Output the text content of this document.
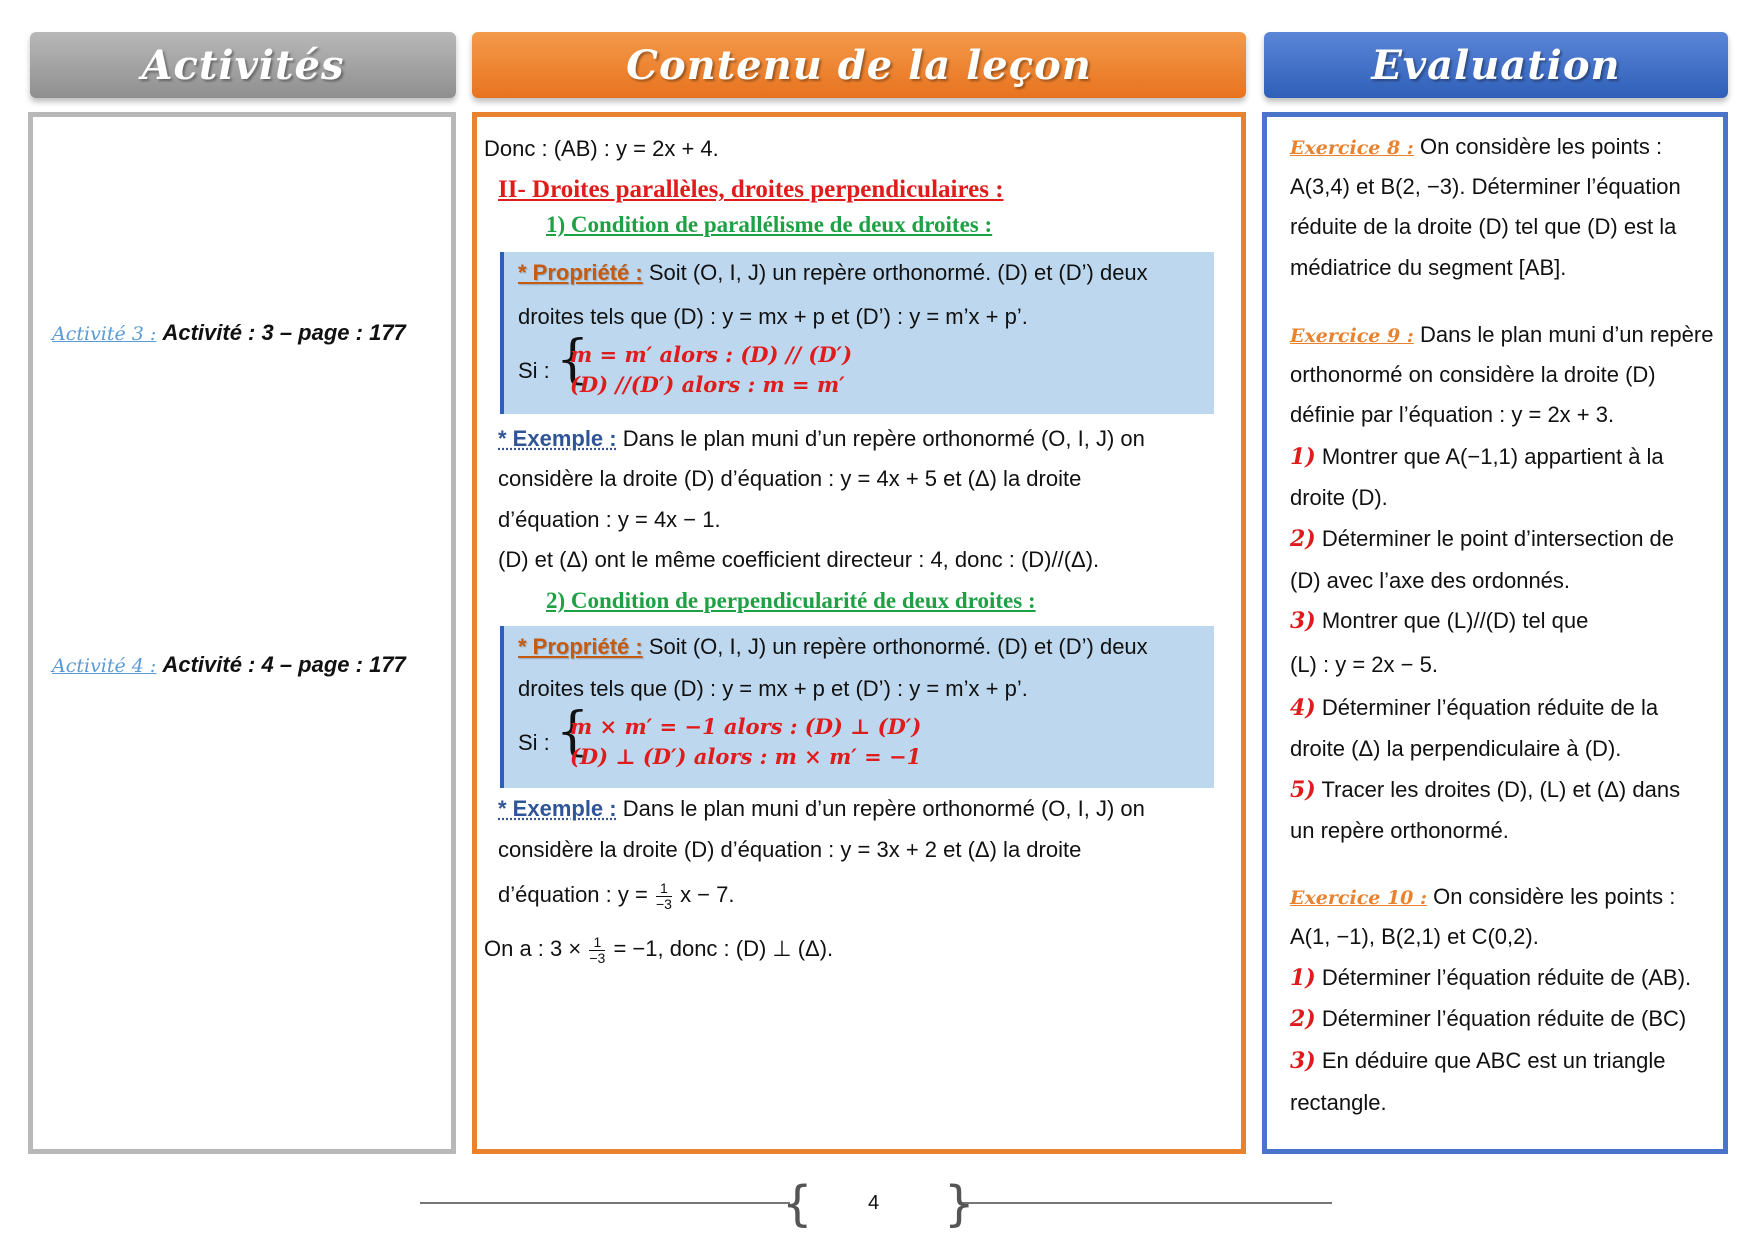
Activités	Contenu de la leçon	Evaluation
Activité 3 : Activité : 3 – page : 177
Activité 4 : Activité : 4 – page : 177
Donc : (AB) : y = 2x + 4.
II- Droites parallèles, droites perpendiculaires :
1) Condition de parallélisme de deux droites :
* Propriété : Soit (O, I, J) un repère orthonormé. (D) et (D’) deux
droites tels que (D) : y = mx + p et (D’) : y = m’x + p’.
Si : {
m = m′ alors : (D) // (D′)
(D) //(D′) alors : m = m′
* Exemple : Dans le plan muni d’un repère orthonormé (O, I, J) on
considère la droite (D) d’équation : y = 4x + 5 et (Δ) la droite
d’équation : y = 4x − 1.
(D) et (Δ) ont le même coefficient directeur : 4, donc : (D)//(Δ).
2) Condition de perpendicularité de deux droites :
* Propriété : Soit (O, I, J) un repère orthonormé. (D) et (D’) deux
droites tels que (D) : y = mx + p et (D’) : y = m’x + p’.
Si : {
m × m′ = −1 alors : (D) ⊥ (D′)
(D) ⊥ (D′) alors : m × m′ = −1
* Exemple : Dans le plan muni d’un repère orthonormé (O, I, J) on
considère la droite (D) d’équation : y = 3x + 2 et (Δ) la droite
d’équation : $y = \frac{1}{-3}$ x − 7.
On a : $3 \times \frac{1}{-3} = -1$, donc : (D) ⊥ (Δ).
Exercice 8 : On considère les points :
A(3,4) et B(2, −3). Déterminer l’équation
réduite de la droite (D) tel que (D) est la
médiatrice du segment [AB].
Exercice 9 : Dans le plan muni d’un repère
orthonormé on considère la droite (D)
définie par l’équation : y = 2x + 3.
1) Montrer que A(−1,1) appartient à la
droite (D).
2) Déterminer le point d’intersection de
(D) avec l’axe des ordonnés.
3) Montrer que (L)//(D) tel que
(L) : y = 2x − 5.
4) Déterminer l’équation réduite de la
droite (Δ) la perpendiculaire à (D).
5) Tracer les droites (D), (L) et (Δ) dans
un repère orthonormé.
Exercice 10 : On considère les points :
A(1, −1), B(2,1) et C(0,2).
1) Déterminer l’équation réduite de (AB).
2) Déterminer l’équation réduite de (BC)
3) En déduire que ABC est un triangle
rectangle.
{	}
4
